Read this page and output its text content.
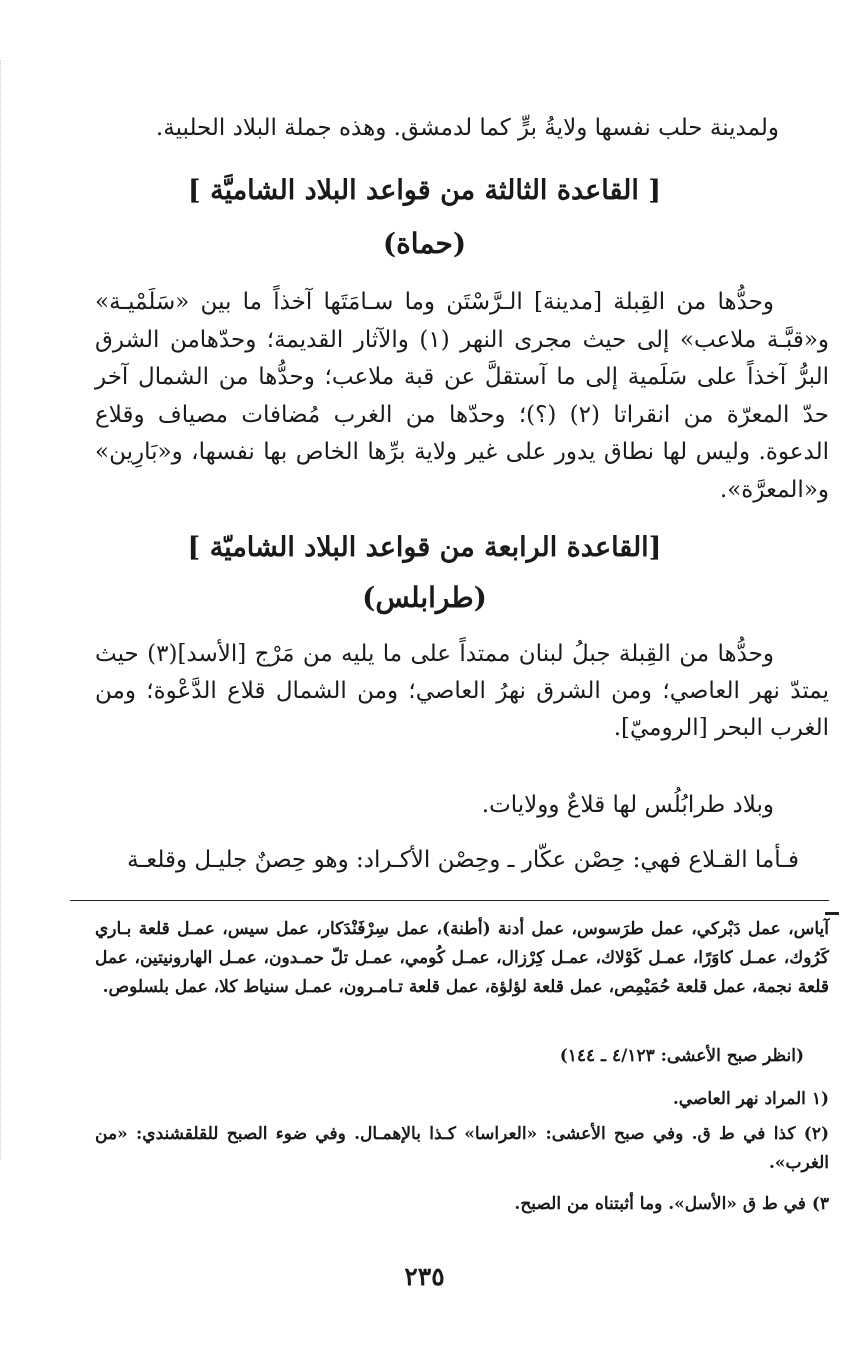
ولمدينة حلب نفسها ولايةُ برٍّ كما لدمشق. وهذه جملة البلاد الحلبية.

[ القاعدة الثالثة من قواعد البلاد الشاميَّة ]
(حماة)

وحدُّها من القِبلة [مدينة] الـرَّسْتَن وما سـامَتَها آخذاً ما بين «سَلَمْيـة» و«قبَّـة ملاعب» إلى حيث مجرى النهر (١) والآثار القديمة؛ وحدّهامن الشرق البرُّ آخذاً على سَلَمية إلى ما آستقلَّ عن قبة ملاعب؛ وحدُّها من الشمال آخر حدّ المعرّة من انقراتا (٢) (؟)؛ وحدّها من الغرب مُضافات مصياف وقلاع الدعوة. وليس لها نطاق يدور على غير ولاية برِّها الخاص بها نفسها، و«بَارِين» و«المعرَّة».

[القاعدة الرابعة من قواعد البلاد الشاميّة ]
(طرابلس)

وحدُّها من القِبلة جبلُ لبنان ممتداً على ما يليه من مَرْج [الأسد](٣) حيث يمتدّ نهر العاصي؛ ومن الشرق نهرُ العاصي؛ ومن الشمال قلاع الدَّعْوة؛ ومن الغرب البحر [الروميّ].

وبلاد طرابُلُس لها قلاعٌ وولايات.

فـأما القـلاع فهي: حِصْن عكّار ـ وحِصْن الأكـراد: وهو حِصنٌ جليـل وقلعـة

آياس، عمل دَبْركي، عمل طرَسوس، عمل أدنة (أطنة)، عمل سِرْفَنْدَكار، عمل سيس، عمـل قلعة بـاري كَرُوك، عمـل كاوَرًا، عمـل كَوْلاك، عمـل كِرْزال، عمـل كُومي، عمـل تلّ حمـدون، عمـل الهارونيتين، عمل قلعة نجمة، عمل قلعة حُمَيْمِص، عمل قلعة لؤلؤة، عمل قلعة تـامـرون، عمـل سنياط كلا، عمل بلسلوص.
(انظر صبح الأعشى: ٤/١٢٣ ـ ١٤٤)
(١ المراد نهر العاصي.
(٢) كذا في ط ق. وفي صبح الأعشى: «العراسا» كـذا بالإهمـال. وفي ضوء الصبح للقلقشندي: «من الغرب».
٣) في ط ق «الأسل». وما أثبتناه من الصبح.
٢٣٥
